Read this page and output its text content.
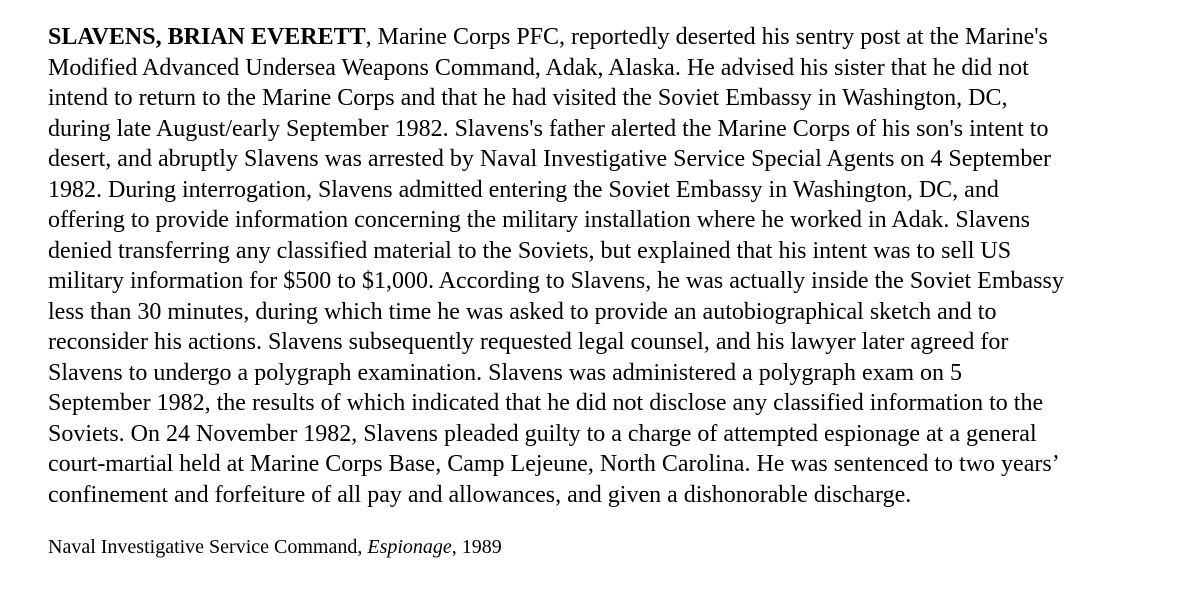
SLAVENS, BRIAN EVERETT, Marine Corps PFC, reportedly deserted his sentry post at the Marine's
Modified Advanced Undersea Weapons Command, Adak, Alaska. He advised his sister that he did not
intend to return to the Marine Corps and that he had visited the Soviet Embassy in Washington, DC,
during late August/early September 1982. Slavens's father alerted the Marine Corps of his son's intent to
desert, and abruptly Slavens was arrested by Naval Investigative Service Special Agents on 4 September
1982. During interrogation, Slavens admitted entering the Soviet Embassy in Washington, DC, and
offering to provide information concerning the military installation where he worked in Adak. Slavens
denied transferring any classified material to the Soviets, but explained that his intent was to sell US
military information for $500 to $1,000. According to Slavens, he was actually inside the Soviet Embassy
less than 30 minutes, during which time he was asked to provide an autobiographical sketch and to
reconsider his actions. Slavens subsequently requested legal counsel, and his lawyer later agreed for
Slavens to undergo a polygraph examination. Slavens was administered a polygraph exam on 5
September 1982, the results of which indicated that he did not disclose any classified information to the
Soviets. On 24 November 1982, Slavens pleaded guilty to a charge of attempted espionage at a general
court-martial held at Marine Corps Base, Camp Lejeune, North Carolina. He was sentenced to two years’
confinement and forfeiture of all pay and allowances, and given a dishonorable discharge.

Naval Investigative Service Command, Espionage, 1989
